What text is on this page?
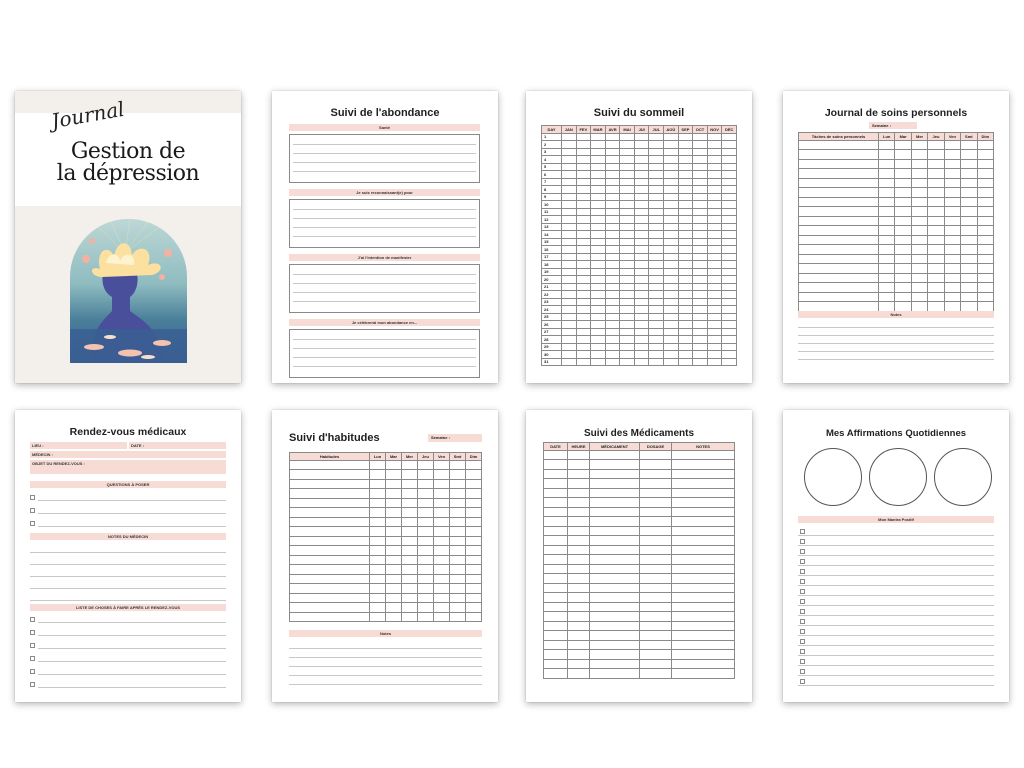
Journal
Gestion de
la dépression
Suivi de l'abondance
Santé
Je suis reconnaissant(e) pour
J'ai l'intention de manifester
Je célèbrerai mon abondance en...
Suivi du sommeil
DAY	JAN	FEV	MAR	AVR	MAI	JUI	JUL	AOÛ	SEP	OCT	NOV	DÉC
1												
2												
3												
4												
5												
6												
7												
8												
9												
10												
11												
12												
13												
14												
15												
16												
17												
18												
19												
20												
21												
22												
23												
24												
25												
26												
27												
28												
29												
30												
31												
Journal de soins personnels
Semaine :
Tâches de soins personnels	Lun	Mar	Mer	Jeu	Ven	Smt	Dim

Notes
Rendez-vous médicaux
LIEU :	DATE :
MÉDECIN :
OBJET DU RENDEZ-VOUS :
QUESTIONS À POSER
NOTES DU MÉDECIN
LISTE DE CHOSES À FAIRE APRÈS LE RENDEZ-VOUS
Suivi d'habitudes	Semaine :
Habitudes	Lun	Mar	Mer	Jeu	Ven	Smt	Dim

Notes
Suivi des Médicaments
DATE	HEURE	MÉDICAMENT	DOSAGE	NOTES

Mes Affirmations Quotidiennes
Mon Mantra Positif
